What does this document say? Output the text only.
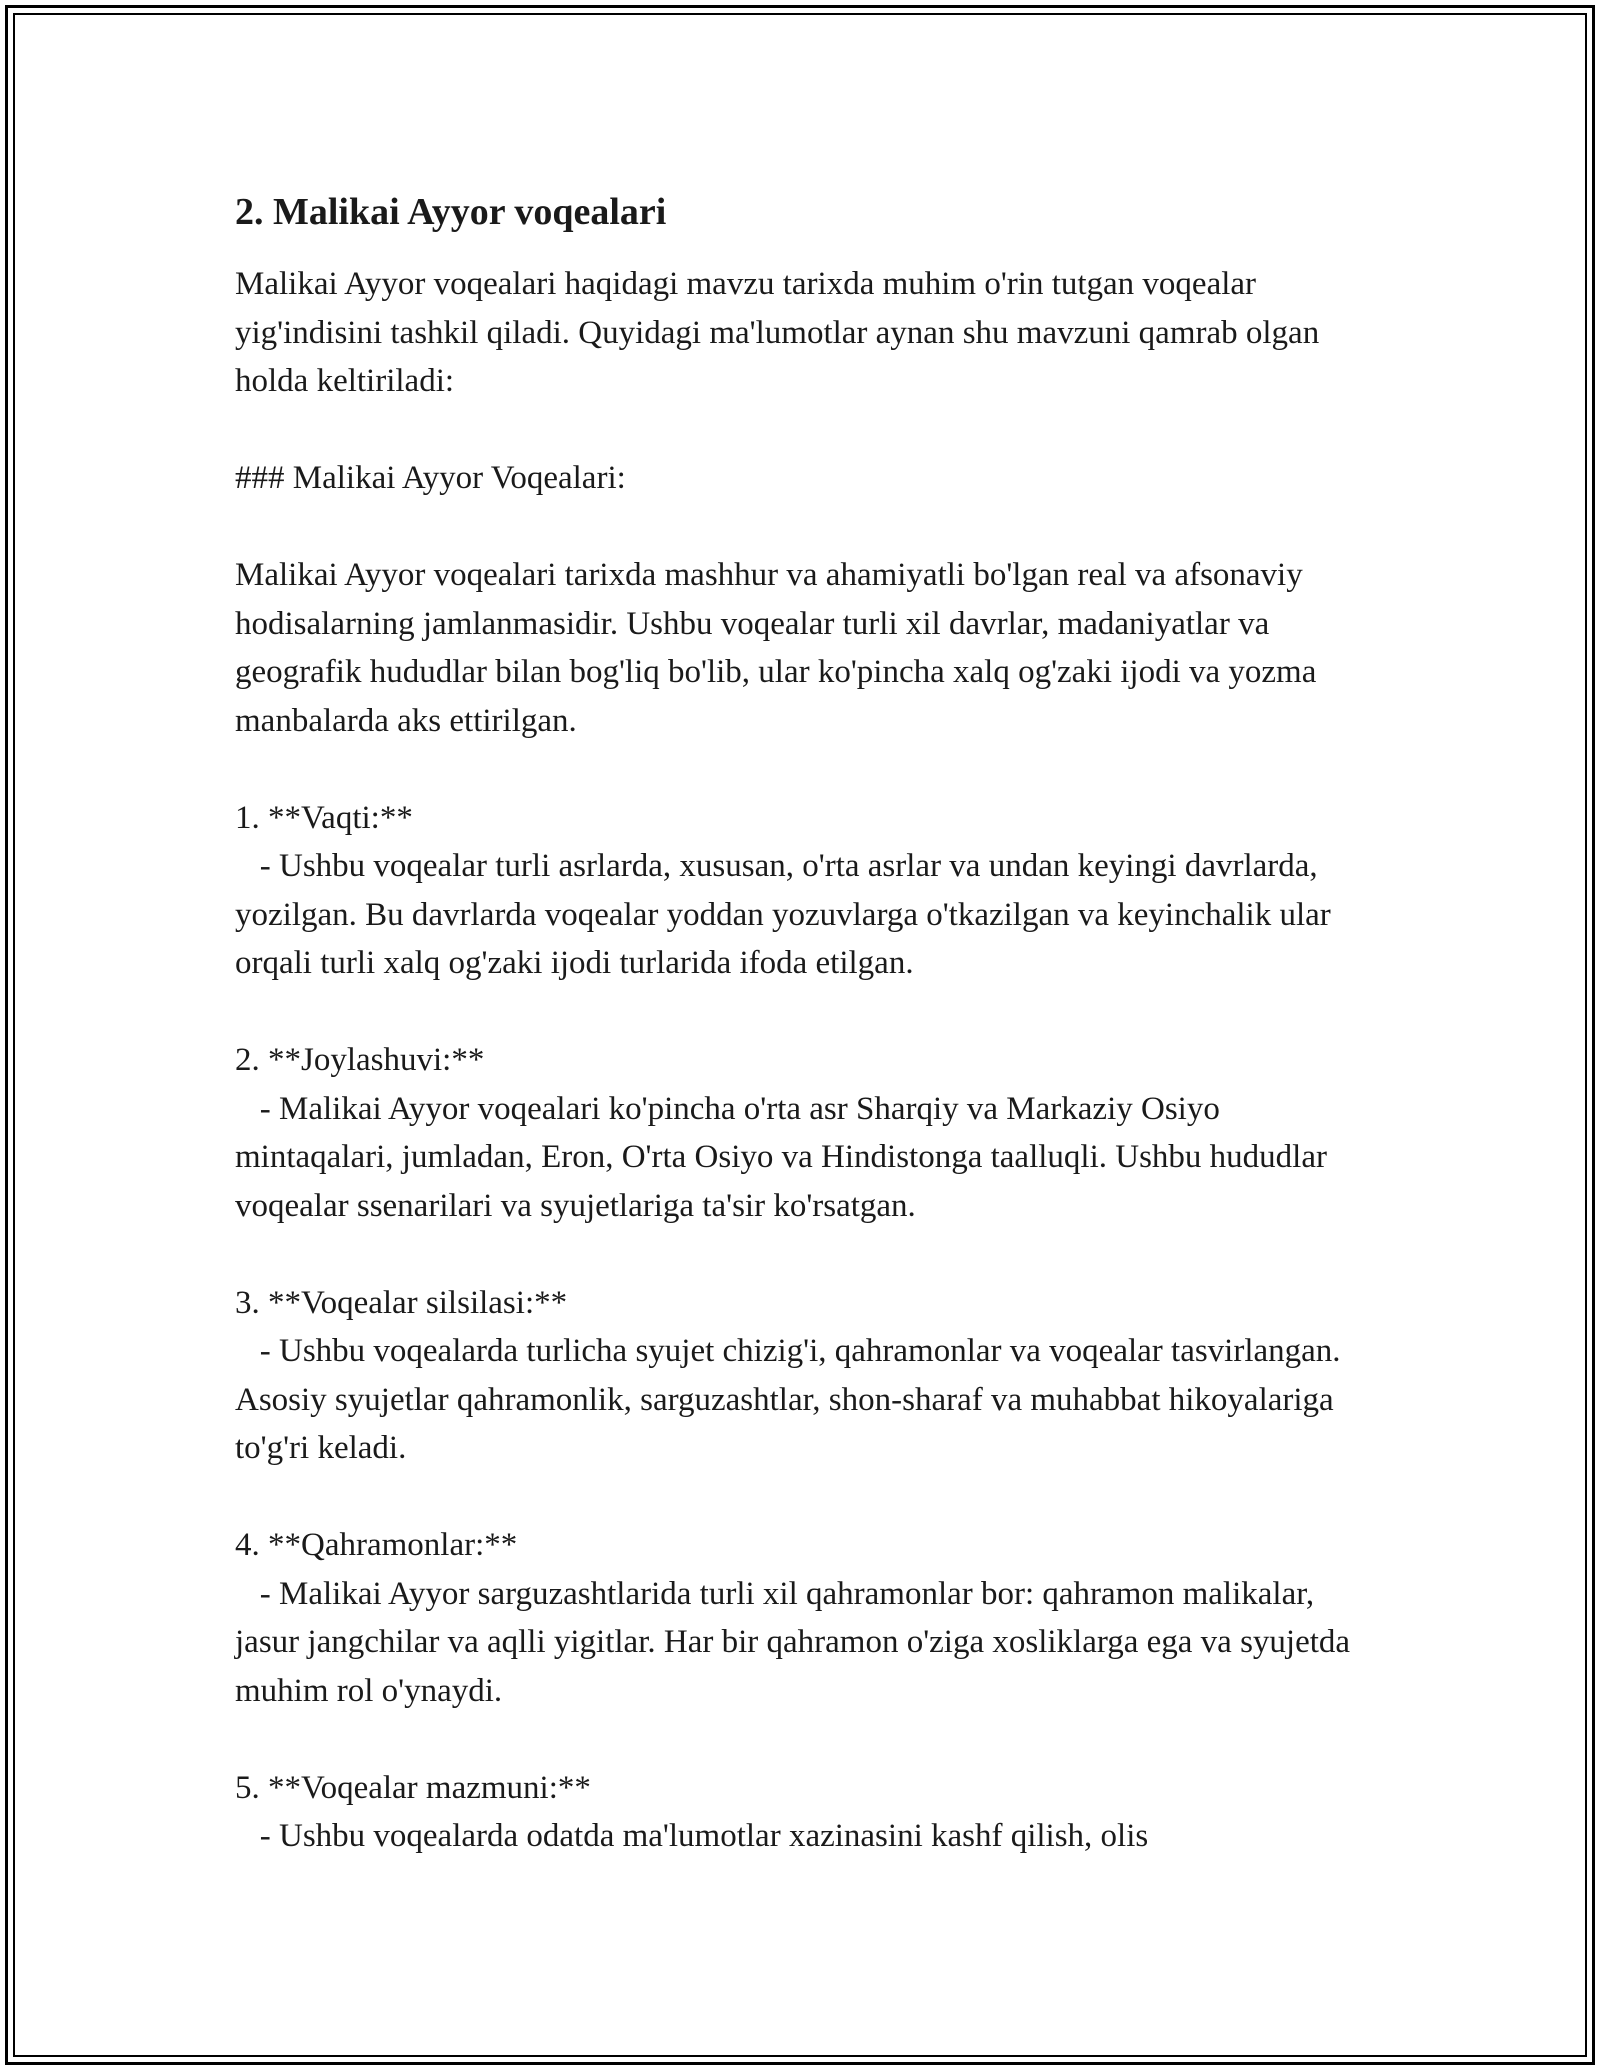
2. Malikai Ayyor voqealari

Malikai Ayyor voqealari haqidagi mavzu tarixda muhim o'rin tutgan voqealar yig'indisini tashkil qiladi. Quyidagi ma'lumotlar aynan shu mavzuni qamrab olgan holda keltiriladi:

### Malikai Ayyor Voqealari:

Malikai Ayyor voqealari tarixda mashhur va ahamiyatli bo'lgan real va afsonaviy hodisalarning jamlanmasidir. Ushbu voqealar turli xil davrlar, madaniyatlar va geografik hududlar bilan bog'liq bo'lib, ular ko'pincha xalq og'zaki ijodi va yozma manbalarda aks ettirilgan.

1. **Vaqti:**
- Ushbu voqealar turli asrlarda, xususan, o'rta asrlar va undan keyingi davrlarda, yozilgan. Bu davrlarda voqealar yoddan yozuvlarga o'tkazilgan va keyinchalik ular orqali turli xalq og'zaki ijodi turlarida ifoda etilgan.

2. **Joylashuvi:**
- Malikai Ayyor voqealari ko'pincha o'rta asr Sharqiy va Markaziy Osiyo mintaqalari, jumladan, Eron, O'rta Osiyo va Hindistonga taalluqli. Ushbu hududlar voqealar ssenarilari va syujetlariga ta'sir ko'rsatgan.

3. **Voqealar silsilasi:**
- Ushbu voqealarda turlicha syujet chizig'i, qahramonlar va voqealar tasvirlangan. Asosiy syujetlar qahramonlik, sarguzashtlar, shon-sharaf va muhabbat hikoyalariga to'g'ri keladi.

4. **Qahramonlar:**
- Malikai Ayyor sarguzashtlarida turli xil qahramonlar bor: qahramon malikalar, jasur jangchilar va aqlli yigitlar. Har bir qahramon o'ziga xosliklarga ega va syujetda muhim rol o'ynaydi.

5. **Voqealar mazmuni:**
- Ushbu voqealarda odatda ma'lumotlar xazinasini kashf qilish, olis
